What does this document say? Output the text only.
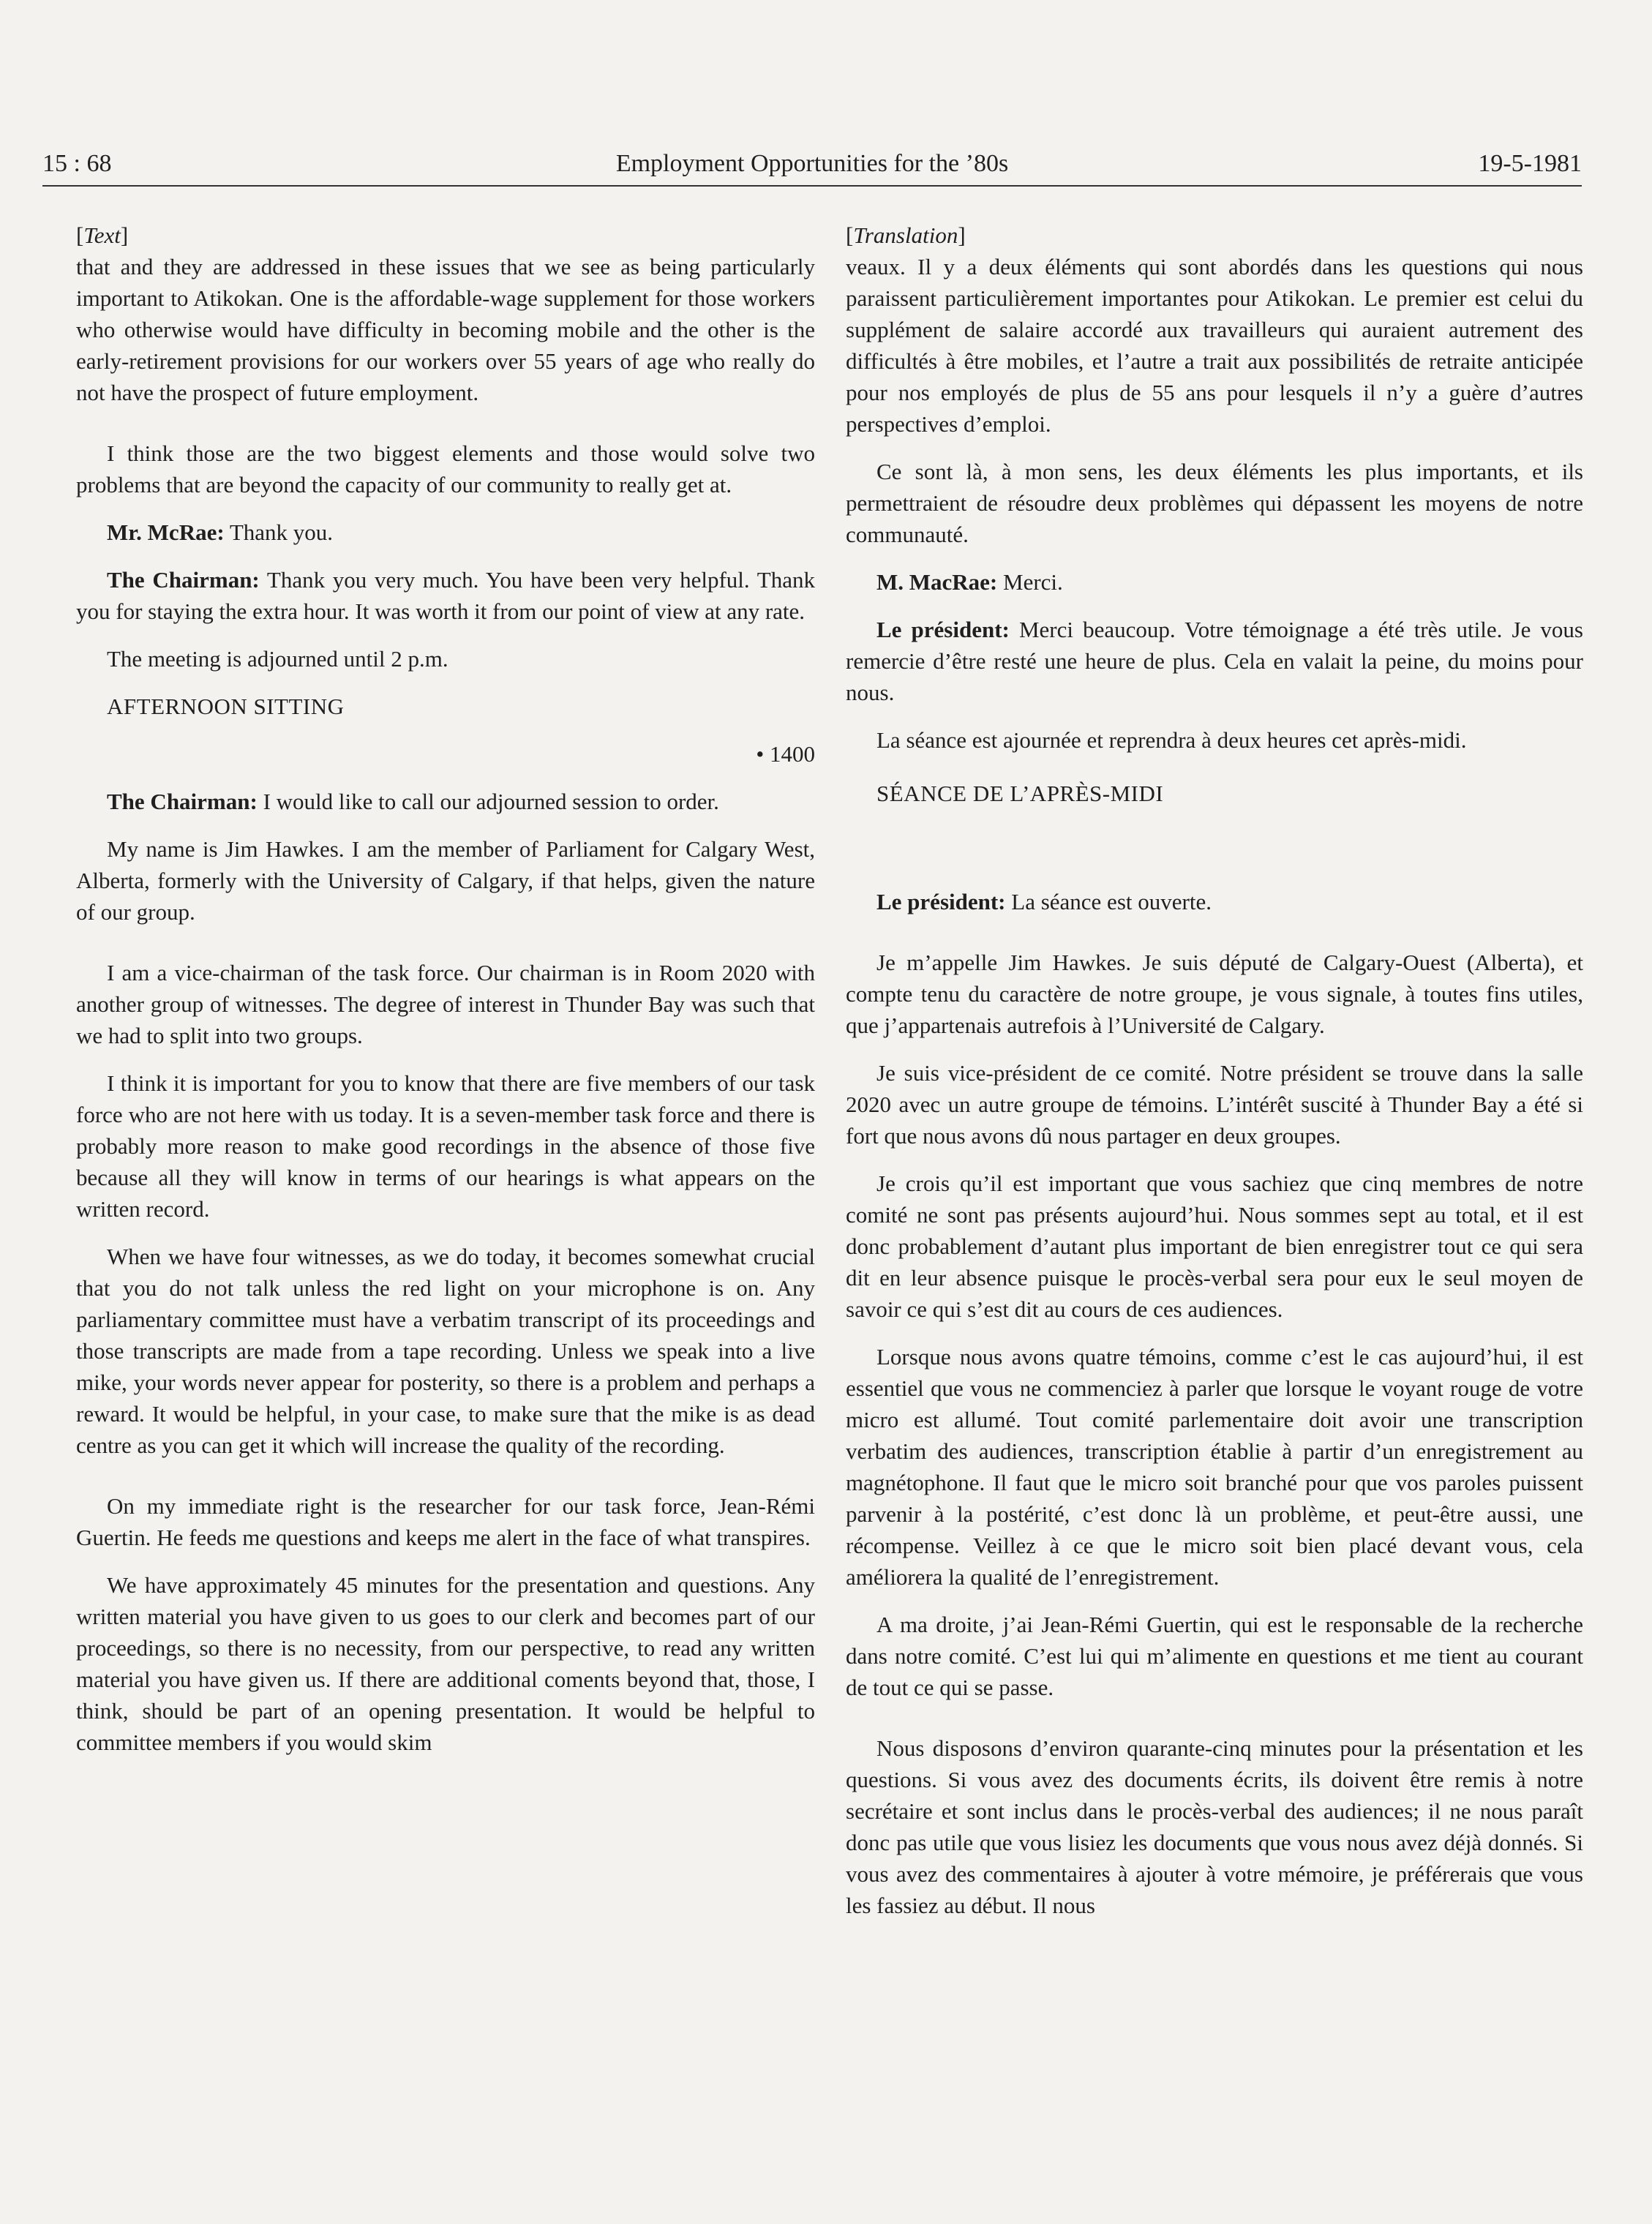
15 : 68	Employment Opportunities for the ’80s	19-5-1981

[Text]

that and they are addressed in these issues that we see as being particularly important to Atikokan. One is the affordable-wage supplement for those workers who otherwise would have difficulty in becoming mobile and the other is the early-retirement provisions for our workers over 55 years of age who really do not have the prospect of future employment.

I think those are the two biggest elements and those would solve two problems that are beyond the capacity of our community to really get at.

Mr. McRae: Thank you.

The Chairman: Thank you very much. You have been very helpful. Thank you for staying the extra hour. It was worth it from our point of view at any rate.

The meeting is adjourned until 2 p.m.

AFTERNOON SITTING

• 1400

The Chairman: I would like to call our adjourned session to order.

My name is Jim Hawkes. I am the member of Parliament for Calgary West, Alberta, formerly with the University of Calgary, if that helps, given the nature of our group.

I am a vice-chairman of the task force. Our chairman is in Room 2020 with another group of witnesses. The degree of interest in Thunder Bay was such that we had to split into two groups.

I think it is important for you to know that there are five members of our task force who are not here with us today. It is a seven-member task force and there is probably more reason to make good recordings in the absence of those five because all they will know in terms of our hearings is what appears on the written record.

When we have four witnesses, as we do today, it becomes somewhat crucial that you do not talk unless the red light on your microphone is on. Any parliamentary committee must have a verbatim transcript of its proceedings and those transcripts are made from a tape recording. Unless we speak into a live mike, your words never appear for posterity, so there is a problem and perhaps a reward. It would be helpful, in your case, to make sure that the mike is as dead centre as you can get it which will increase the quality of the recording.

On my immediate right is the researcher for our task force, Jean-Rémi Guertin. He feeds me questions and keeps me alert in the face of what transpires.

We have approximately 45 minutes for the presentation and questions. Any written material you have given to us goes to our clerk and becomes part of our proceedings, so there is no necessity, from our perspective, to read any written material you have given us. If there are additional coments beyond that, those, I think, should be part of an opening presentation. It would be helpful to committee members if you would skim

[Translation]

veaux. Il y a deux éléments qui sont abordés dans les questions qui nous paraissent particulièrement importantes pour Atikokan. Le premier est celui du supplément de salaire accordé aux travailleurs qui auraient autrement des difficultés à être mobiles, et l’autre a trait aux possibilités de retraite anticipée pour nos employés de plus de 55 ans pour lesquels il n’y a guère d’autres perspectives d’emploi.

Ce sont là, à mon sens, les deux éléments les plus importants, et ils permettraient de résoudre deux problèmes qui dépassent les moyens de notre communauté.

M. MacRae: Merci.

Le président: Merci beaucoup. Votre témoignage a été très utile. Je vous remercie d’être resté une heure de plus. Cela en valait la peine, du moins pour nous.

La séance est ajournée et reprendra à deux heures cet après-midi.

SÉANCE DE L’APRÈS-MIDI

Le président: La séance est ouverte.

Je m’appelle Jim Hawkes. Je suis député de Calgary-Ouest (Alberta), et compte tenu du caractère de notre groupe, je vous signale, à toutes fins utiles, que j’appartenais autrefois à l’Université de Calgary.

Je suis vice-président de ce comité. Notre président se trouve dans la salle 2020 avec un autre groupe de témoins. L’intérêt suscité à Thunder Bay a été si fort que nous avons dû nous partager en deux groupes.

Je crois qu’il est important que vous sachiez que cinq membres de notre comité ne sont pas présents aujourd’hui. Nous sommes sept au total, et il est donc probablement d’autant plus important de bien enregistrer tout ce qui sera dit en leur absence puisque le procès-verbal sera pour eux le seul moyen de savoir ce qui s’est dit au cours de ces audiences.

Lorsque nous avons quatre témoins, comme c’est le cas aujourd’hui, il est essentiel que vous ne commenciez à parler que lorsque le voyant rouge de votre micro est allumé. Tout comité parlementaire doit avoir une transcription verbatim des audiences, transcription établie à partir d’un enregistrement au magnétophone. Il faut que le micro soit branché pour que vos paroles puissent parvenir à la postérité, c’est donc là un problème, et peut-être aussi, une récompense. Veillez à ce que le micro soit bien placé devant vous, cela améliorera la qualité de l’enregistrement.

A ma droite, j’ai Jean-Rémi Guertin, qui est le responsable de la recherche dans notre comité. C’est lui qui m’alimente en questions et me tient au courant de tout ce qui se passe.

Nous disposons d’environ quarante-cinq minutes pour la présentation et les questions. Si vous avez des documents écrits, ils doivent être remis à notre secrétaire et sont inclus dans le procès-verbal des audiences; il ne nous paraît donc pas utile que vous lisiez les documents que vous nous avez déjà donnés. Si vous avez des commentaires à ajouter à votre mémoire, je préférerais que vous les fassiez au début. Il nous
